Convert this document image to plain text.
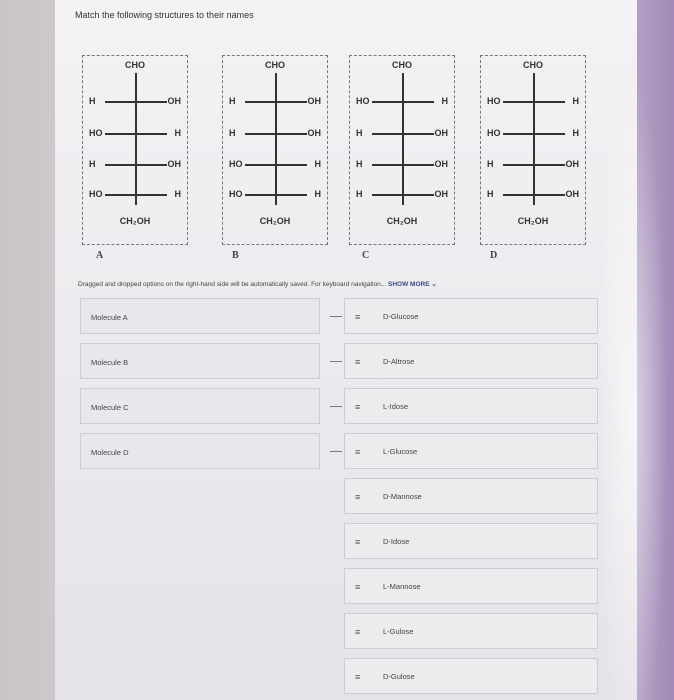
Match the following structures to their names
CHO
H	OH
HO	H
H	OH
HO	H
CH₂OH
A
CHO
H	OH
H	OH
HO	H
HO	H
CH₂OH
B
CHO
HO	H
H	OH
H	OH
H	OH
CH₂OH
C
CHO
HO	H
HO	H
H	OH
H	OH
CH₂OH
D
Dragged and dropped options on the right-hand side will be automatically saved. For keyboard navigation... SHOW MORE ⌄
Molecule A	≡	D-Glucose
Molecule B	≡	D-Altrose
Molecule C	≡	L-Idose
Molecule D	≡	L-Glucose
≡	D-Mannose
≡	D-Idose
≡	L-Mannose
≡	L-Gulose
≡	D-Gulose
